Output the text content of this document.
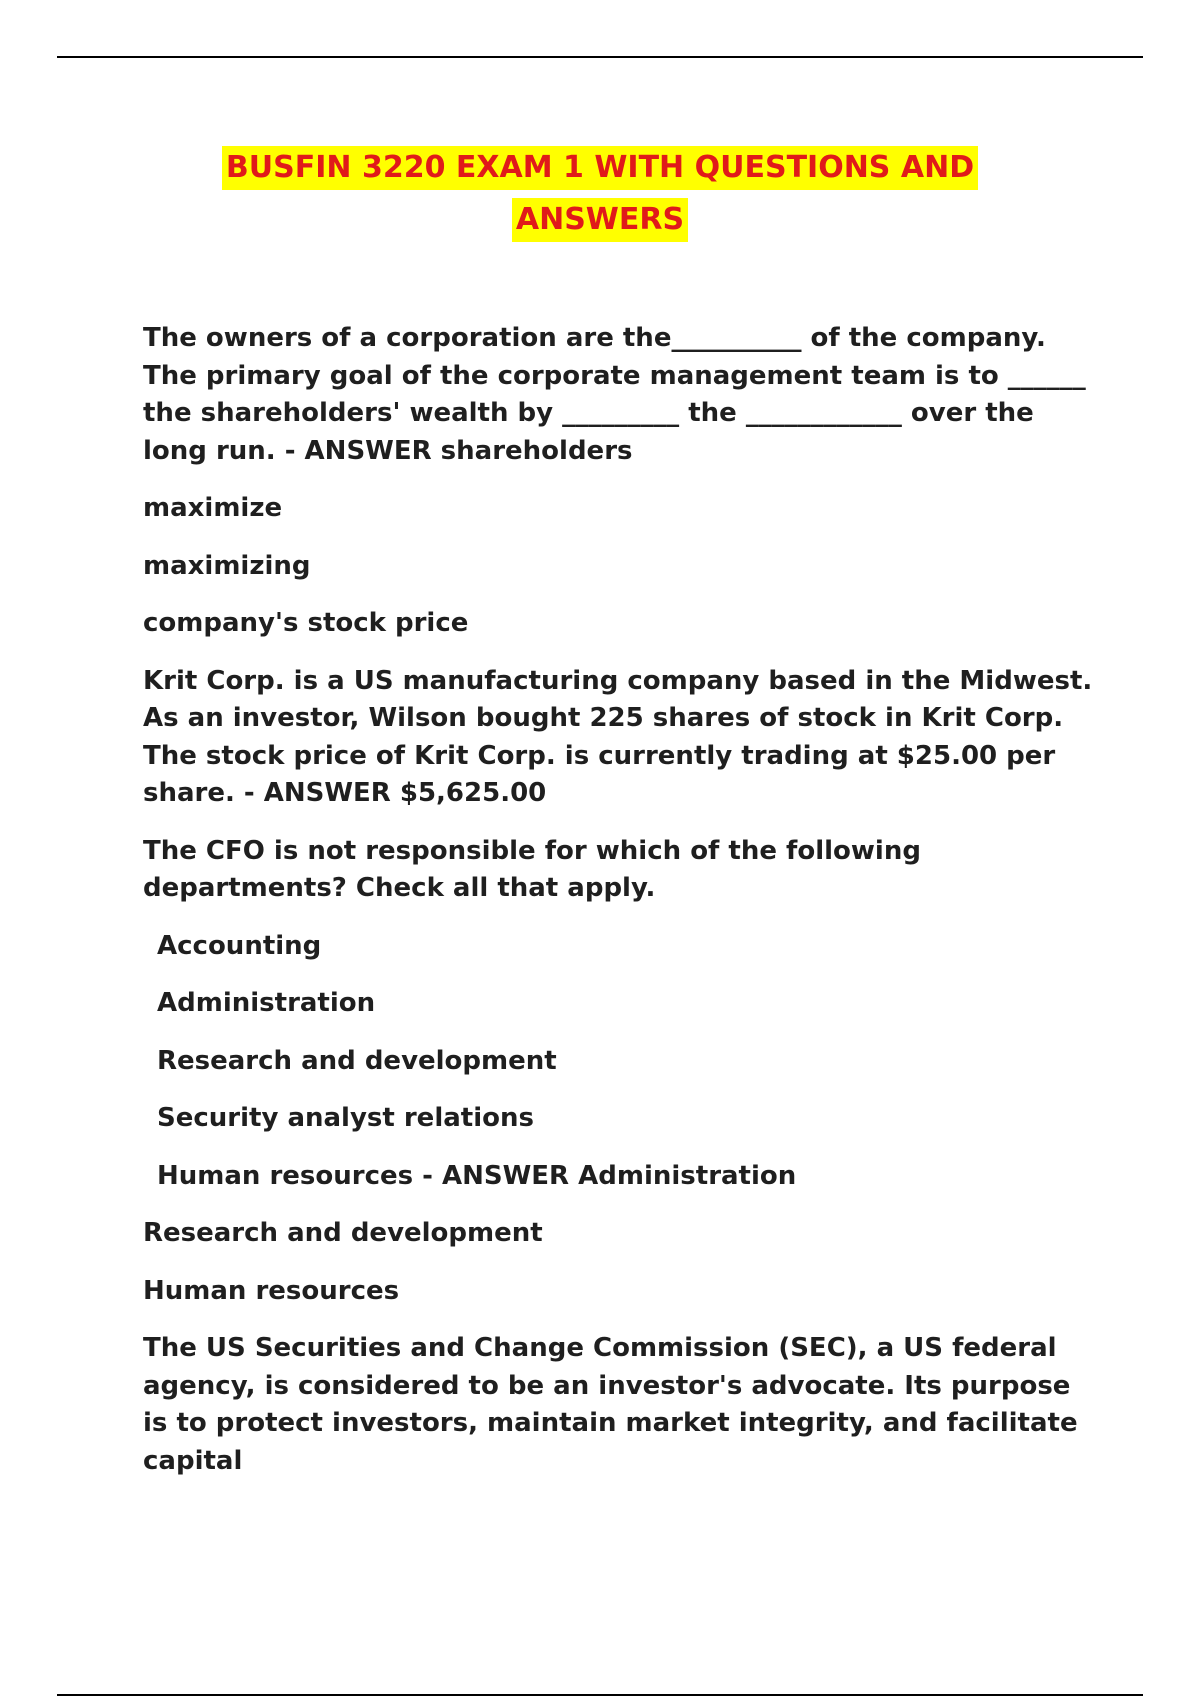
BUSFIN 3220 EXAM 1 WITH QUESTIONS AND
ANSWERS

The owners of a corporation are the__________ of the company. The primary goal of the corporate management team is to ______ the shareholders' wealth by _________ the ____________ over the long run. - ANSWER shareholders

maximize

maximizing

company's stock price

Krit Corp. is a US manufacturing company based in the Midwest. As an investor, Wilson bought 225 shares of stock in Krit Corp. The stock price of Krit Corp. is currently trading at $25.00 per share. - ANSWER $5,625.00

The CFO is not responsible for which of the following departments? Check all that apply.

Accounting

Administration

Research and development

Security analyst relations

Human resources - ANSWER Administration

Research and development

Human resources

The US Securities and Change Commission (SEC), a US federal agency, is considered to be an investor's advocate. Its purpose is to protect investors, maintain market integrity, and facilitate capital
